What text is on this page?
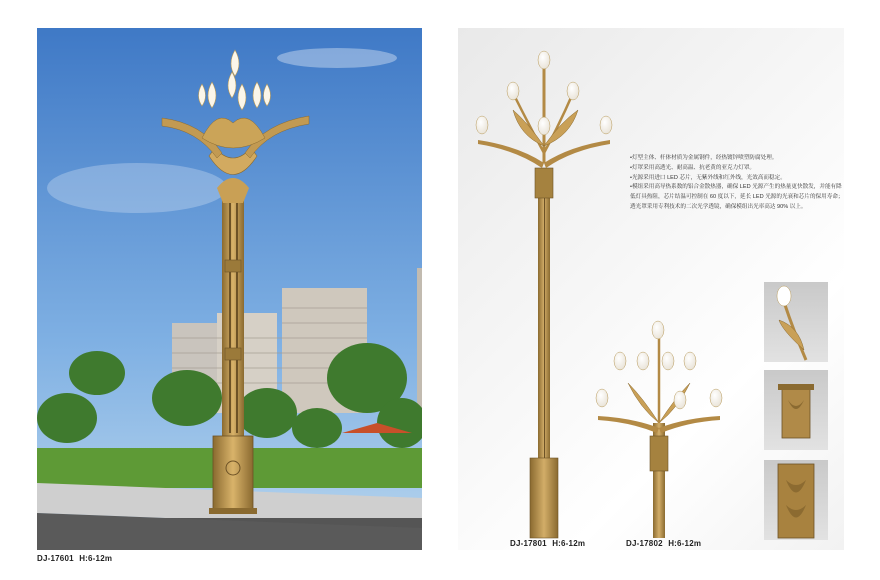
DJ-17601 H:6-12m
•灯型主体、杆体材质为金属钢件，经热镀锌喷塑防腐处理。
•灯罩采用高透光、耐高温、抗老黄的亚克力灯罩。
•光源采用进口 LED 芯片，无紫外线和红外线，光效高而稳定。
•模组采用高导热系数的铝合金散热器，确保 LED 光源产生的热量更快散发，并能有降低灯具热阻，芯片结温可控制在 60 度以下，延长 LED 光源的光衰和芯片的保用寿命；透光罩采用专利技术的二次光学透镜，确保模组出光率高达 90% 以上。
DJ-17801 H:6-12m	DJ-17802 H:6-12m
